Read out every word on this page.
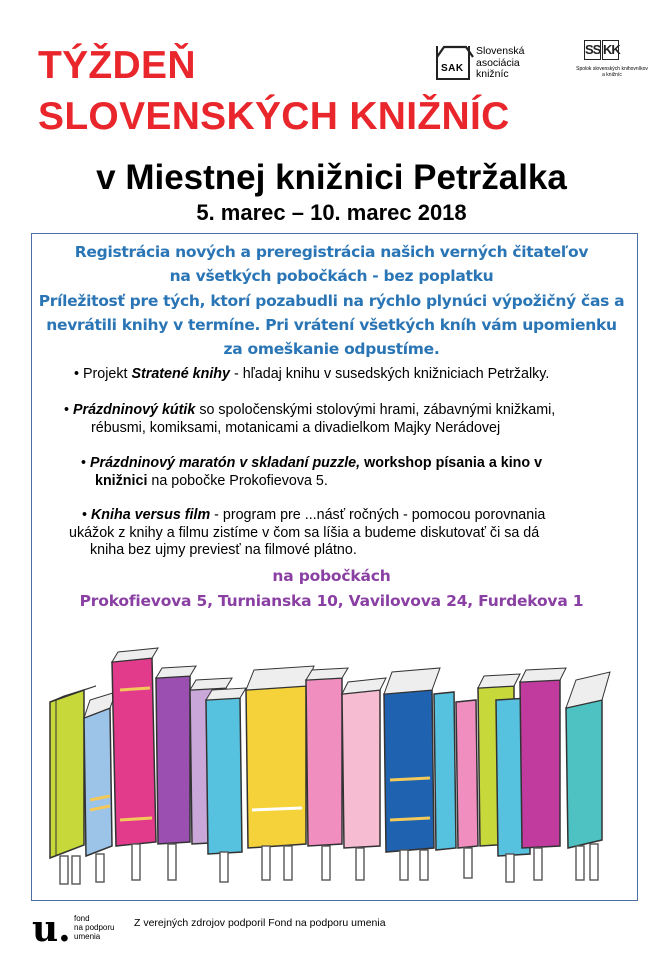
TÝŽDEŇ
SLOVENSKÝCH KNIŽNÍC
SAK
Slovenská
asociácia
knižníc
SS KK
Spolok slovenských knihovníkov a knižníc
v Miestnej knižnici Petržalka
5. marec – 10. marec 2018
Registrácia nových a preregistrácia našich verných čitateľov
na všetkých pobočkách - bez poplatku
Príležitosť pre tých, ktorí pozabudli na rýchlo plynúci výpožičný čas a
nevrátili knihy v termíne. Pri vrátení všetkých kníh vám upomienku
za omeškanie odpustíme.
• Projekt Stratené knihy - hľadaj knihu v susedských knižniciach Petržalky.
• Prázdninový kútik so spoločenskými stolovými hrami, zábavnými knižkami,
rébusmi, komiksami, motanicami a divadielkom Majky Nerádovej
• Prázdninový maratón v skladaní puzzle, workshop písania a kino v
knižnici na pobočke Prokofievova 5.
• Kniha versus film - program pre ...násť ročných - pomocou porovnania
ukážok z knihy a filmu zistíme v čom sa líšia a budeme diskutovať či sa dá
kniha bez ujmy previesť na filmové plátno.
na pobočkách
Prokofievova 5, Turnianska 10, Vavilovova 24, Furdekova 1
u. fond
na podporu
umenia
Z verejných zdrojov podporil Fond na podporu umenia
